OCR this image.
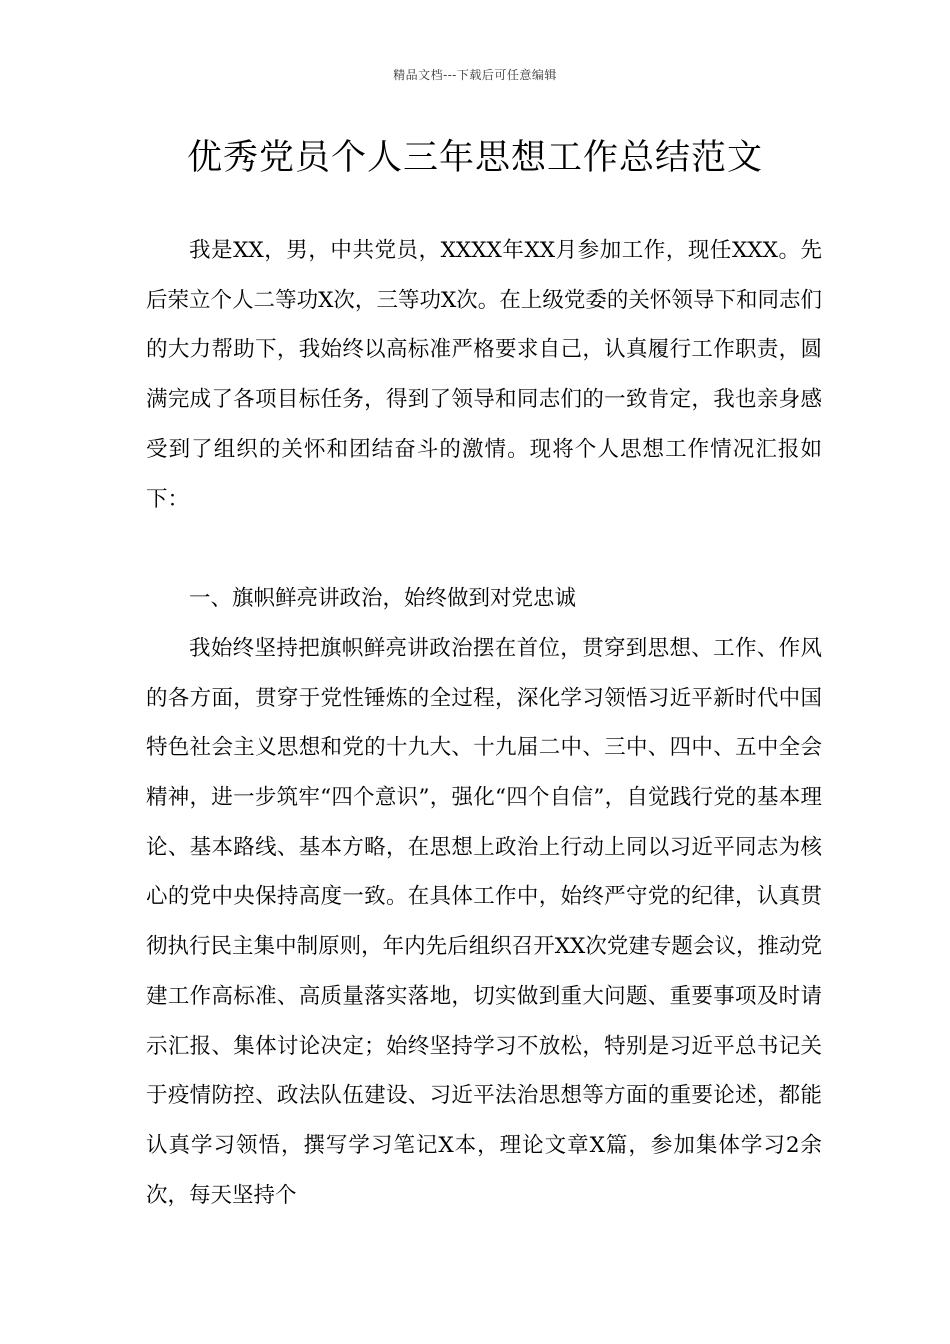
精品文档---下载后可任意编辑
优秀党员个人三年思想工作总结范文

我是XX，男，中共党员，XXXX年XX月参加工作，现任XXX。先后荣立个人二等功X次，三等功X次。在上级党委的关怀领导下和同志们的大力帮助下，我始终以高标准严格要求自己，认真履行工作职责，圆满完成了各项目标任务，得到了领导和同志们的一致肯定，我也亲身感受到了组织的关怀和团结奋斗的激情。现将个人思想工作情况汇报如下：

一、旗帜鲜亮讲政治，始终做到对党忠诚

我始终坚持把旗帜鲜亮讲政治摆在首位，贯穿到思想、工作、作风的各方面，贯穿于党性锤炼的全过程，深化学习领悟习近平新时代中国特色社会主义思想和党的十九大、十九届二中、三中、四中、五中全会精神，进一步筑牢“四个意识”，强化“四个自信”，自觉践行党的基本理论、基本路线、基本方略，在思想上政治上行动上同以习近平同志为核心的党中央保持高度一致。在具体工作中，始终严守党的纪律，认真贯彻执行民主集中制原则，年内先后组织召开XX次党建专题会议，推动党建工作高标准、高质量落实落地，切实做到重大问题、重要事项及时请示汇报、集体讨论决定；始终坚持学习不放松，特别是习近平总书记关于疫情防控、政法队伍建设、习近平法治思想等方面的重要论述，都能认真学习领悟，撰写学习笔记X本，理论文章X篇，参加集体学习2余次，每天坚持个
